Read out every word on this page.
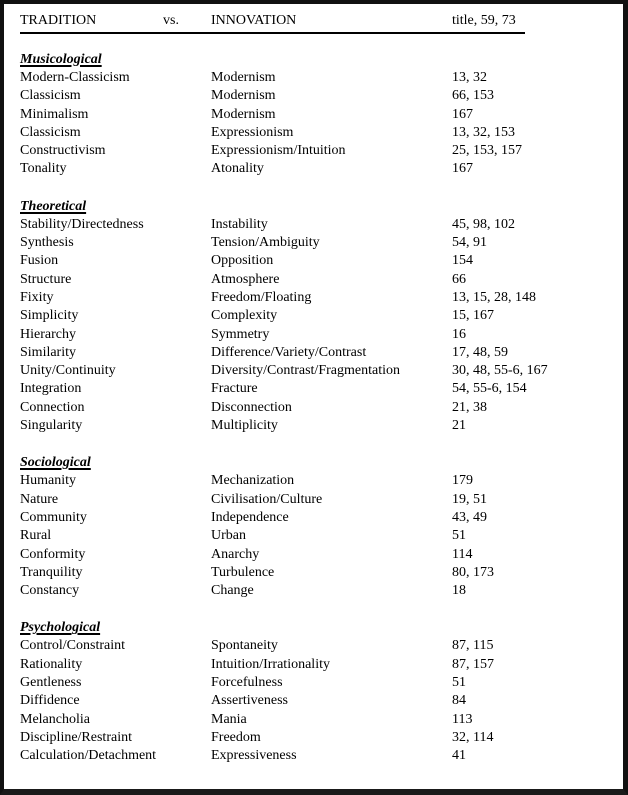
TRADITION	vs. INNOVATION	title, 59, 73
Musicological
Modern-Classicism	Modernism	13, 32
Classicism	Modernism	66, 153
Minimalism	Modernism	167
Classicism	Expressionism	13, 32, 153
Constructivism	Expressionism/Intuition	25, 153, 157
Tonality	Atonality	167
Theoretical
Stability/Directedness	Instability	45, 98, 102
Synthesis	Tension/Ambiguity	54, 91
Fusion	Opposition	154
Structure	Atmosphere	66
Fixity	Freedom/Floating	13, 15, 28, 148
Simplicity	Complexity	15, 167
Hierarchy	Symmetry	16
Similarity	Difference/Variety/Contrast	17, 48, 59
Unity/Continuity	Diversity/Contrast/Fragmentation	30, 48, 55-6, 167
Integration	Fracture	54, 55-6, 154
Connection	Disconnection	21, 38
Singularity	Multiplicity	21
Sociological
Humanity	Mechanization	179
Nature	Civilisation/Culture	19, 51
Community	Independence	43, 49
Rural	Urban	51
Conformity	Anarchy	114
Tranquility	Turbulence	80, 173
Constancy	Change	18
Psychological
Control/Constraint	Spontaneity	87, 115
Rationality	Intuition/Irrationality	87, 157
Gentleness	Forcefulness	51
Diffidence	Assertiveness	84
Melancholia	Mania	113
Discipline/Restraint	Freedom	32, 114
Calculation/Detachment	Expressiveness	41
